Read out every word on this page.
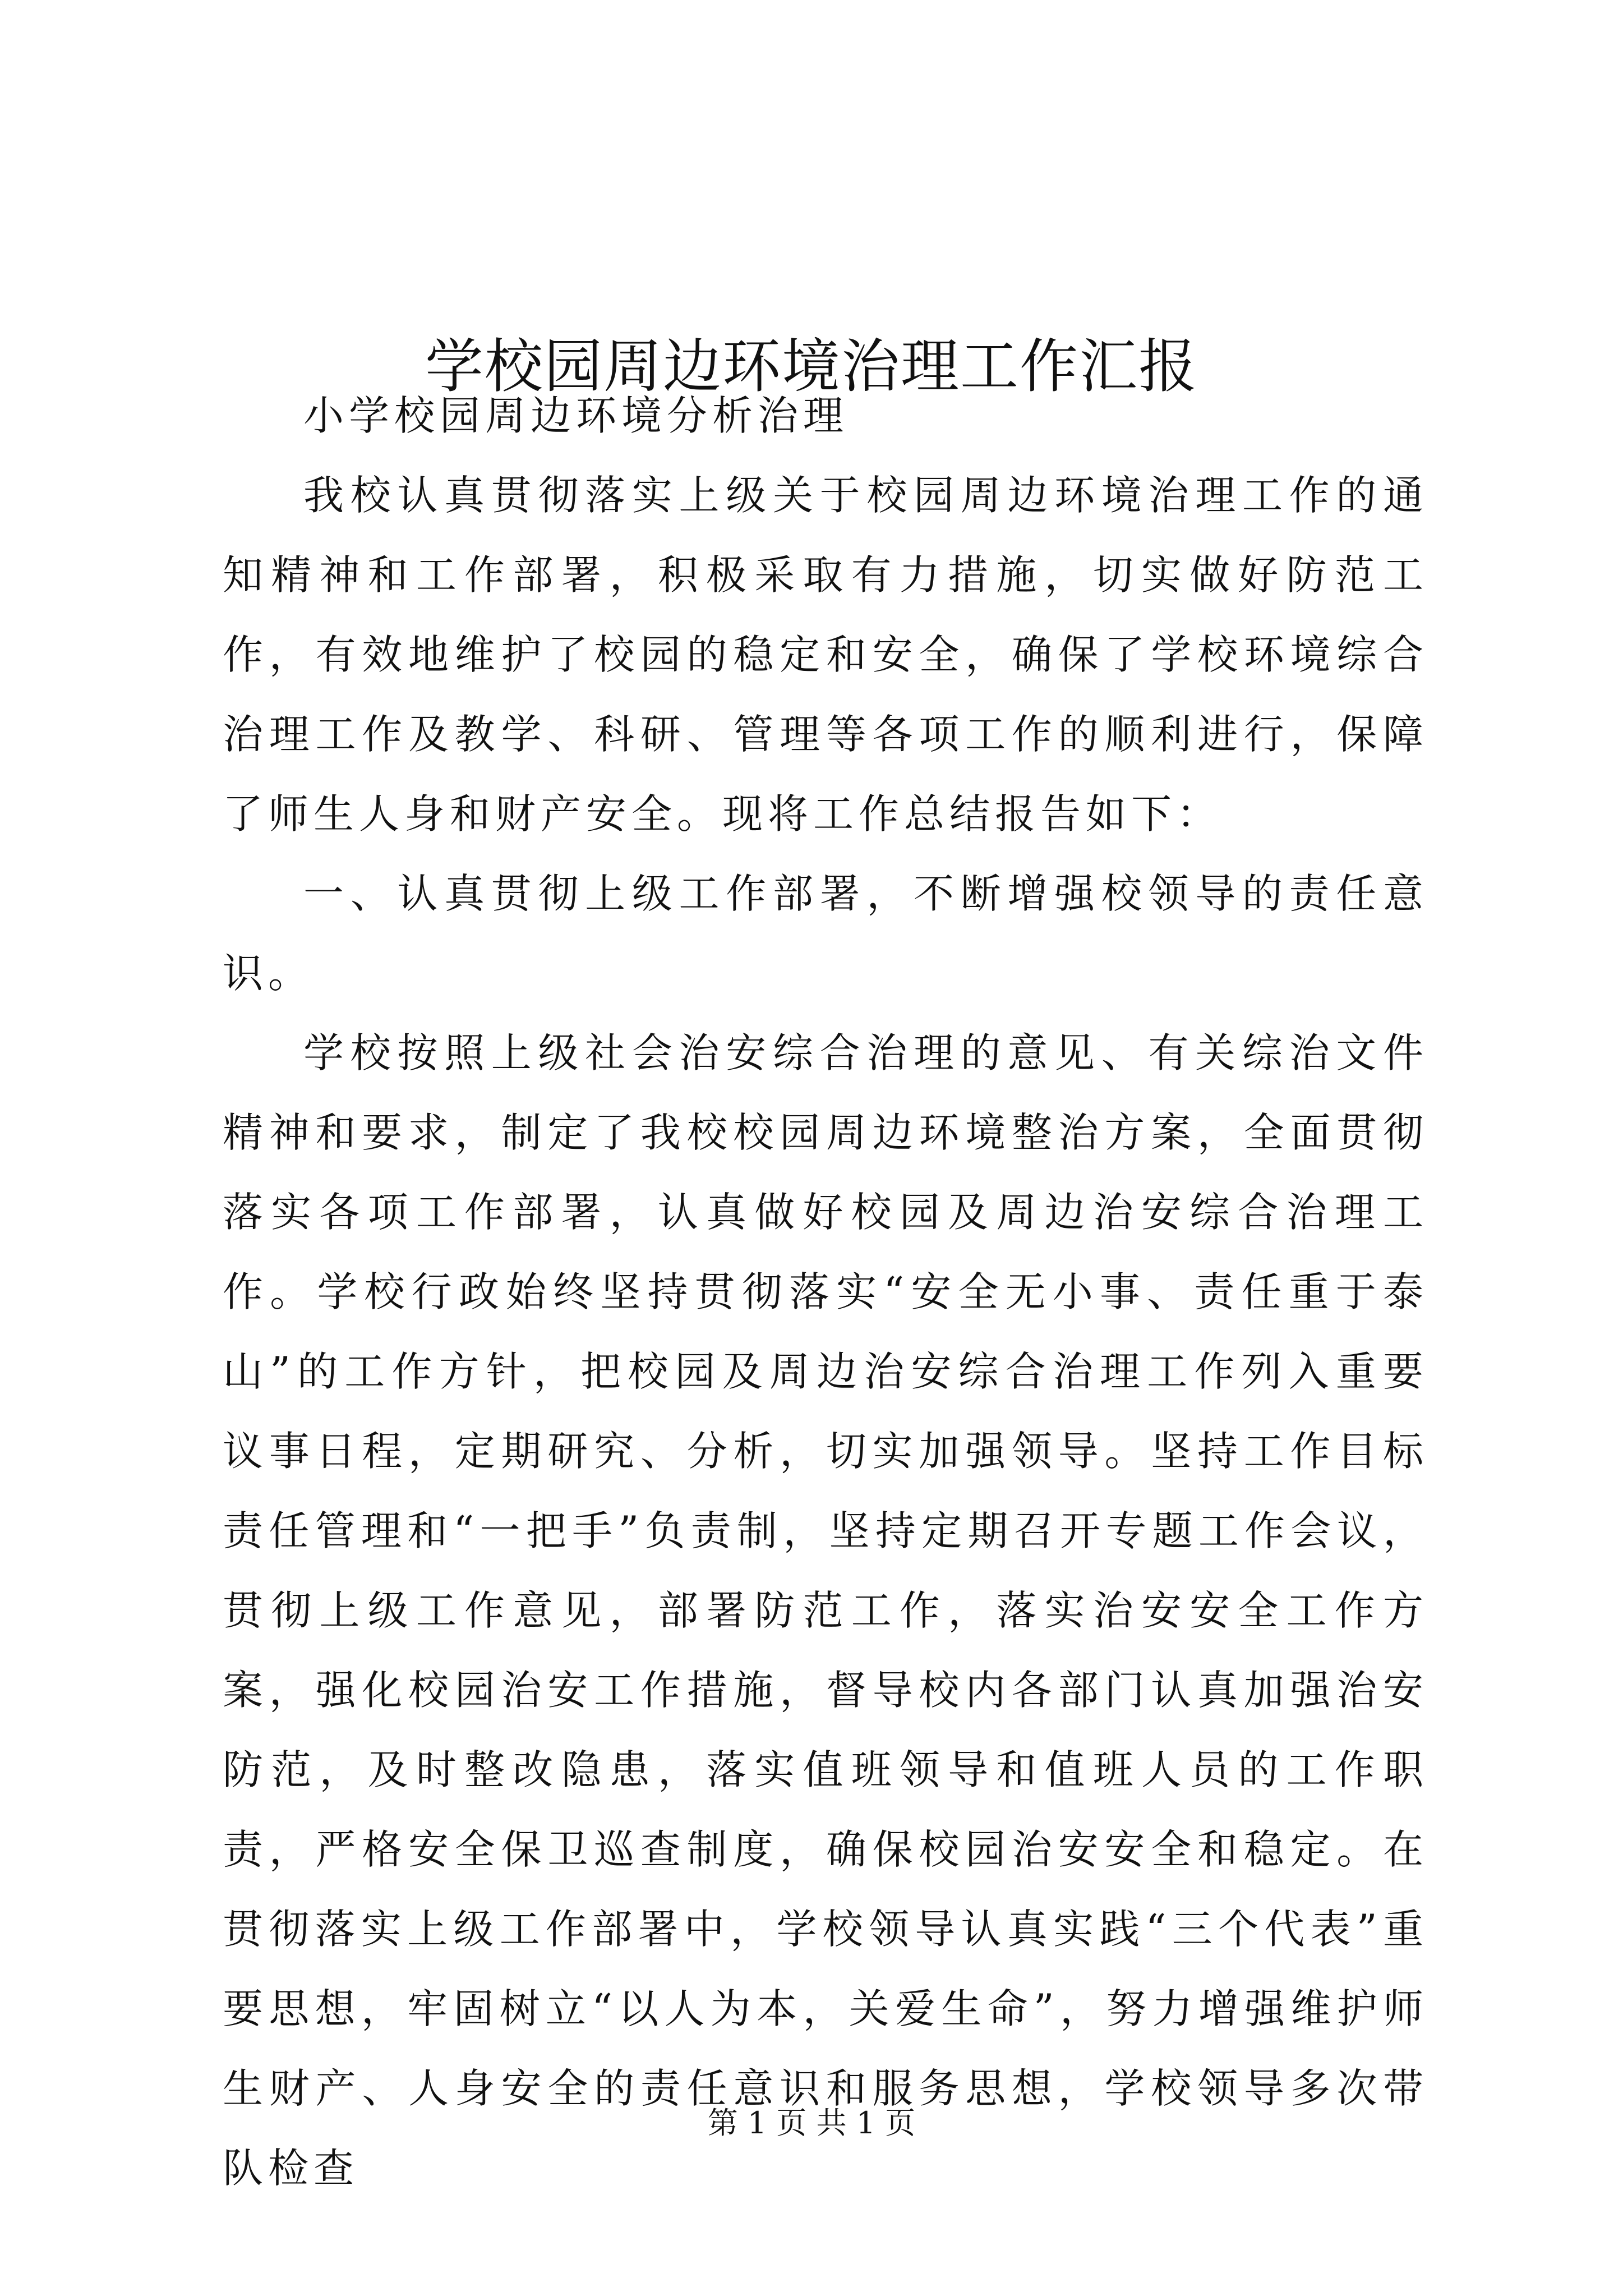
学校园周边环境治理工作汇报

小学校园周边环境分析治理

我校认真贯彻落实上级关于校园周边环境治理工作的通知精神和工作部署，积极采取有力措施，切实做好防范工作，有效地维护了校园的稳定和安全，确保了学校环境综合治理工作及教学、科研、管理等各项工作的顺利进行，保障了师生人身和财产安全。现将工作总结报告如下：

一、认真贯彻上级工作部署，不断增强校领导的责任意识。

学校按照上级社会治安综合治理的意见、有关综治文件精神和要求，制定了我校校园周边环境整治方案，全面贯彻落实各项工作部署，认真做好校园及周边治安综合治理工作。学校行政始终坚持贯彻落实“安全无小事、责任重于泰山”的工作方针，把校园及周边治安综合治理工作列入重要议事日程，定期研究、分析，切实加强领导。坚持工作目标责任管理和“一把手”负责制，坚持定期召开专题工作会议，贯彻上级工作意见，部署防范工作，落实治安安全工作方案，强化校园治安工作措施，督导校内各部门认真加强治安防范，及时整改隐患，落实值班领导和值班人员的工作职责，严格安全保卫巡查制度，确保校园治安安全和稳定。在贯彻落实上级工作部署中，学校领导认真实践“三个代表”重要思想，牢固树立“以人为本，关爱生命”，努力增强维护师生财产、人身安全的责任意识和服务思想，学校领导多次带队检查

第 1 页 共 1 页
